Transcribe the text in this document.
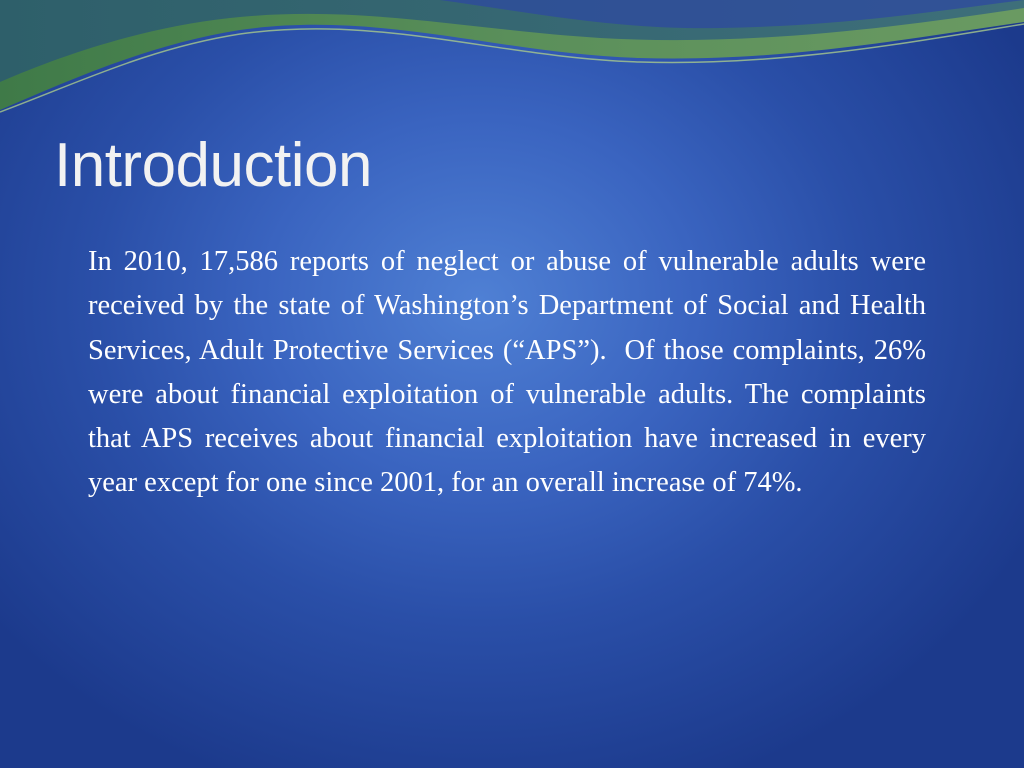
Introduction

In 2010, 17,586 reports of neglect or abuse of vulnerable adults were received by the state of Washington’s Department of Social and Health Services, Adult Protective Services (“APS”).  Of those complaints, 26% were about financial exploitation of vulnerable adults. The complaints that APS receives about financial exploitation have increased in every  year except for one since 2001, for an overall increase of 74%.
